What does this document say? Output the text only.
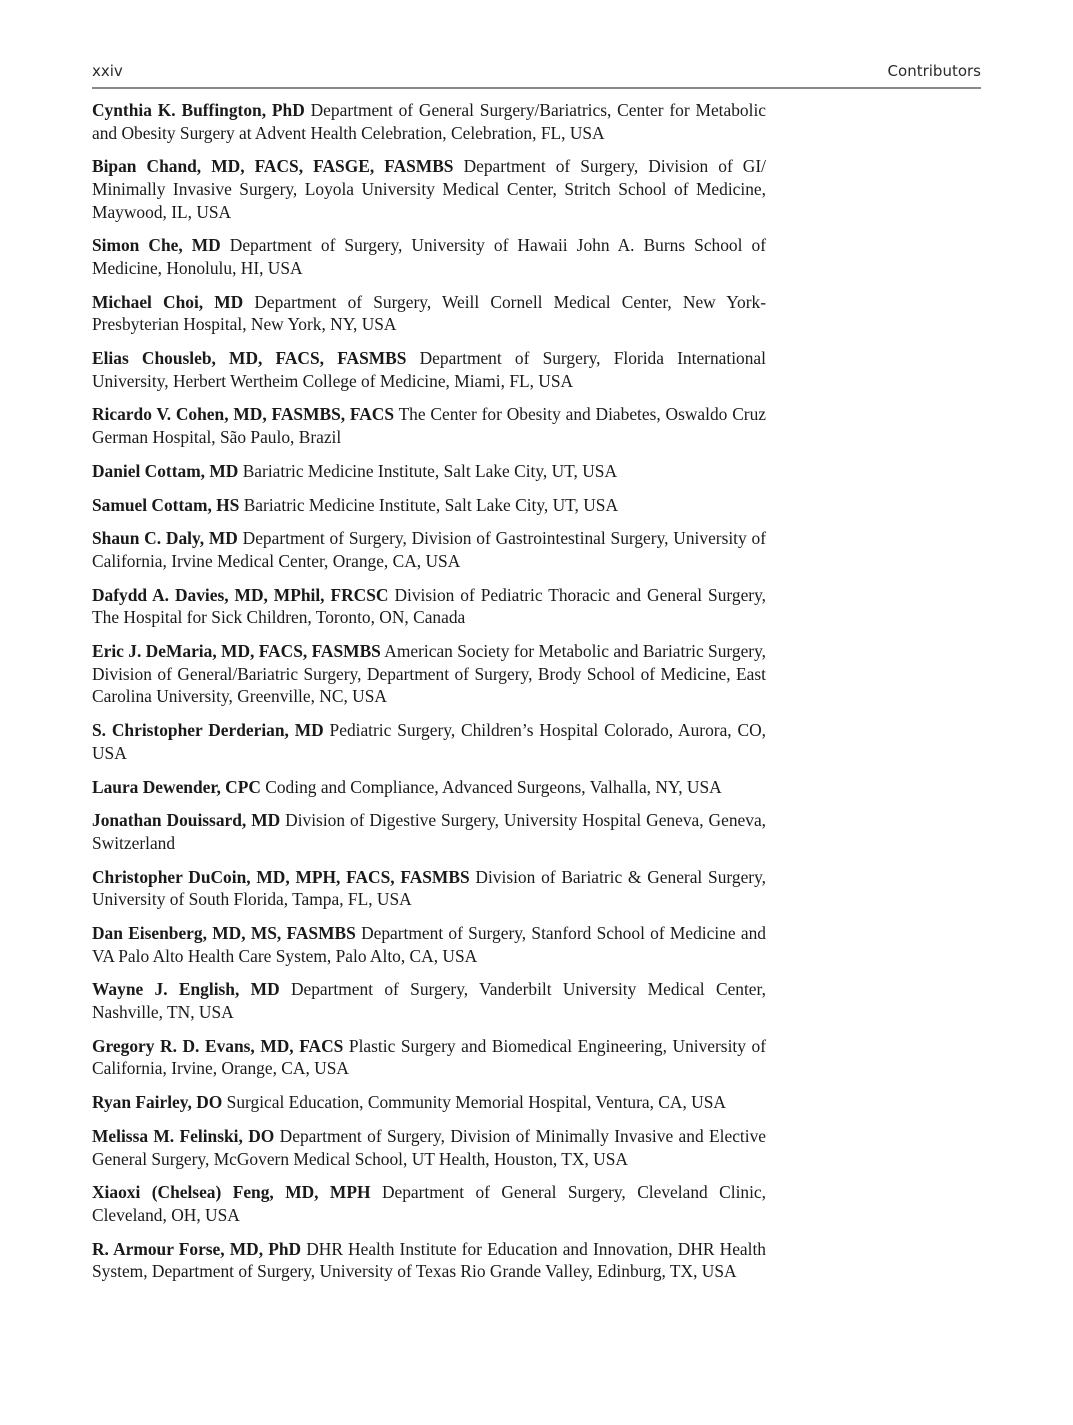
xxiv	Contributors

Cynthia K. Buffington, PhD Department of General Surgery/Bariatrics, Center for Metabolic and Obesity Surgery at Advent Health Celebration, Celebration, FL, USA

Bipan Chand, MD, FACS, FASGE, FASMBS Department of Surgery, Division of GI/ Minimally Invasive Surgery, Loyola University Medical Center, Stritch School of Medicine, Maywood, IL, USA

Simon Che, MD Department of Surgery, University of Hawaii John A. Burns School of Medicine, Honolulu, HI, USA

Michael Choi, MD Department of Surgery, Weill Cornell Medical Center, New York-Presbyterian Hospital, New York, NY, USA

Elias Chousleb, MD, FACS, FASMBS Department of Surgery, Florida International University, Herbert Wertheim College of Medicine, Miami, FL, USA

Ricardo V. Cohen, MD, FASMBS, FACS The Center for Obesity and Diabetes, Oswaldo Cruz German Hospital, São Paulo, Brazil

Daniel Cottam, MD Bariatric Medicine Institute, Salt Lake City, UT, USA

Samuel Cottam, HS Bariatric Medicine Institute, Salt Lake City, UT, USA

Shaun C. Daly, MD Department of Surgery, Division of Gastrointestinal Surgery, University of California, Irvine Medical Center, Orange, CA, USA

Dafydd A. Davies, MD, MPhil, FRCSC Division of Pediatric Thoracic and General Surgery, The Hospital for Sick Children, Toronto, ON, Canada

Eric J. DeMaria, MD, FACS, FASMBS American Society for Metabolic and Bariatric Surgery, Division of General/Bariatric Surgery, Department of Surgery, Brody School of Medicine, East Carolina University, Greenville, NC, USA

S. Christopher Derderian, MD Pediatric Surgery, Children’s Hospital Colorado, Aurora, CO, USA

Laura Dewender, CPC Coding and Compliance, Advanced Surgeons, Valhalla, NY, USA

Jonathan Douissard, MD Division of Digestive Surgery, University Hospital Geneva, Geneva, Switzerland

Christopher DuCoin, MD, MPH, FACS, FASMBS Division of Bariatric & General Surgery, University of South Florida, Tampa, FL, USA

Dan Eisenberg, MD, MS, FASMBS Department of Surgery, Stanford School of Medicine and VA Palo Alto Health Care System, Palo Alto, CA, USA

Wayne J. English, MD Department of Surgery, Vanderbilt University Medical Center, Nashville, TN, USA

Gregory R. D. Evans, MD, FACS Plastic Surgery and Biomedical Engineering, University of California, Irvine, Orange, CA, USA

Ryan Fairley, DO Surgical Education, Community Memorial Hospital, Ventura, CA, USA

Melissa M. Felinski, DO Department of Surgery, Division of Minimally Invasive and Elective General Surgery, McGovern Medical School, UT Health, Houston, TX, USA

Xiaoxi (Chelsea) Feng, MD, MPH Department of General Surgery, Cleveland Clinic, Cleveland, OH, USA

R. Armour Forse, MD, PhD DHR Health Institute for Education and Innovation, DHR Health System, Department of Surgery, University of Texas Rio Grande Valley, Edinburg, TX, USA
